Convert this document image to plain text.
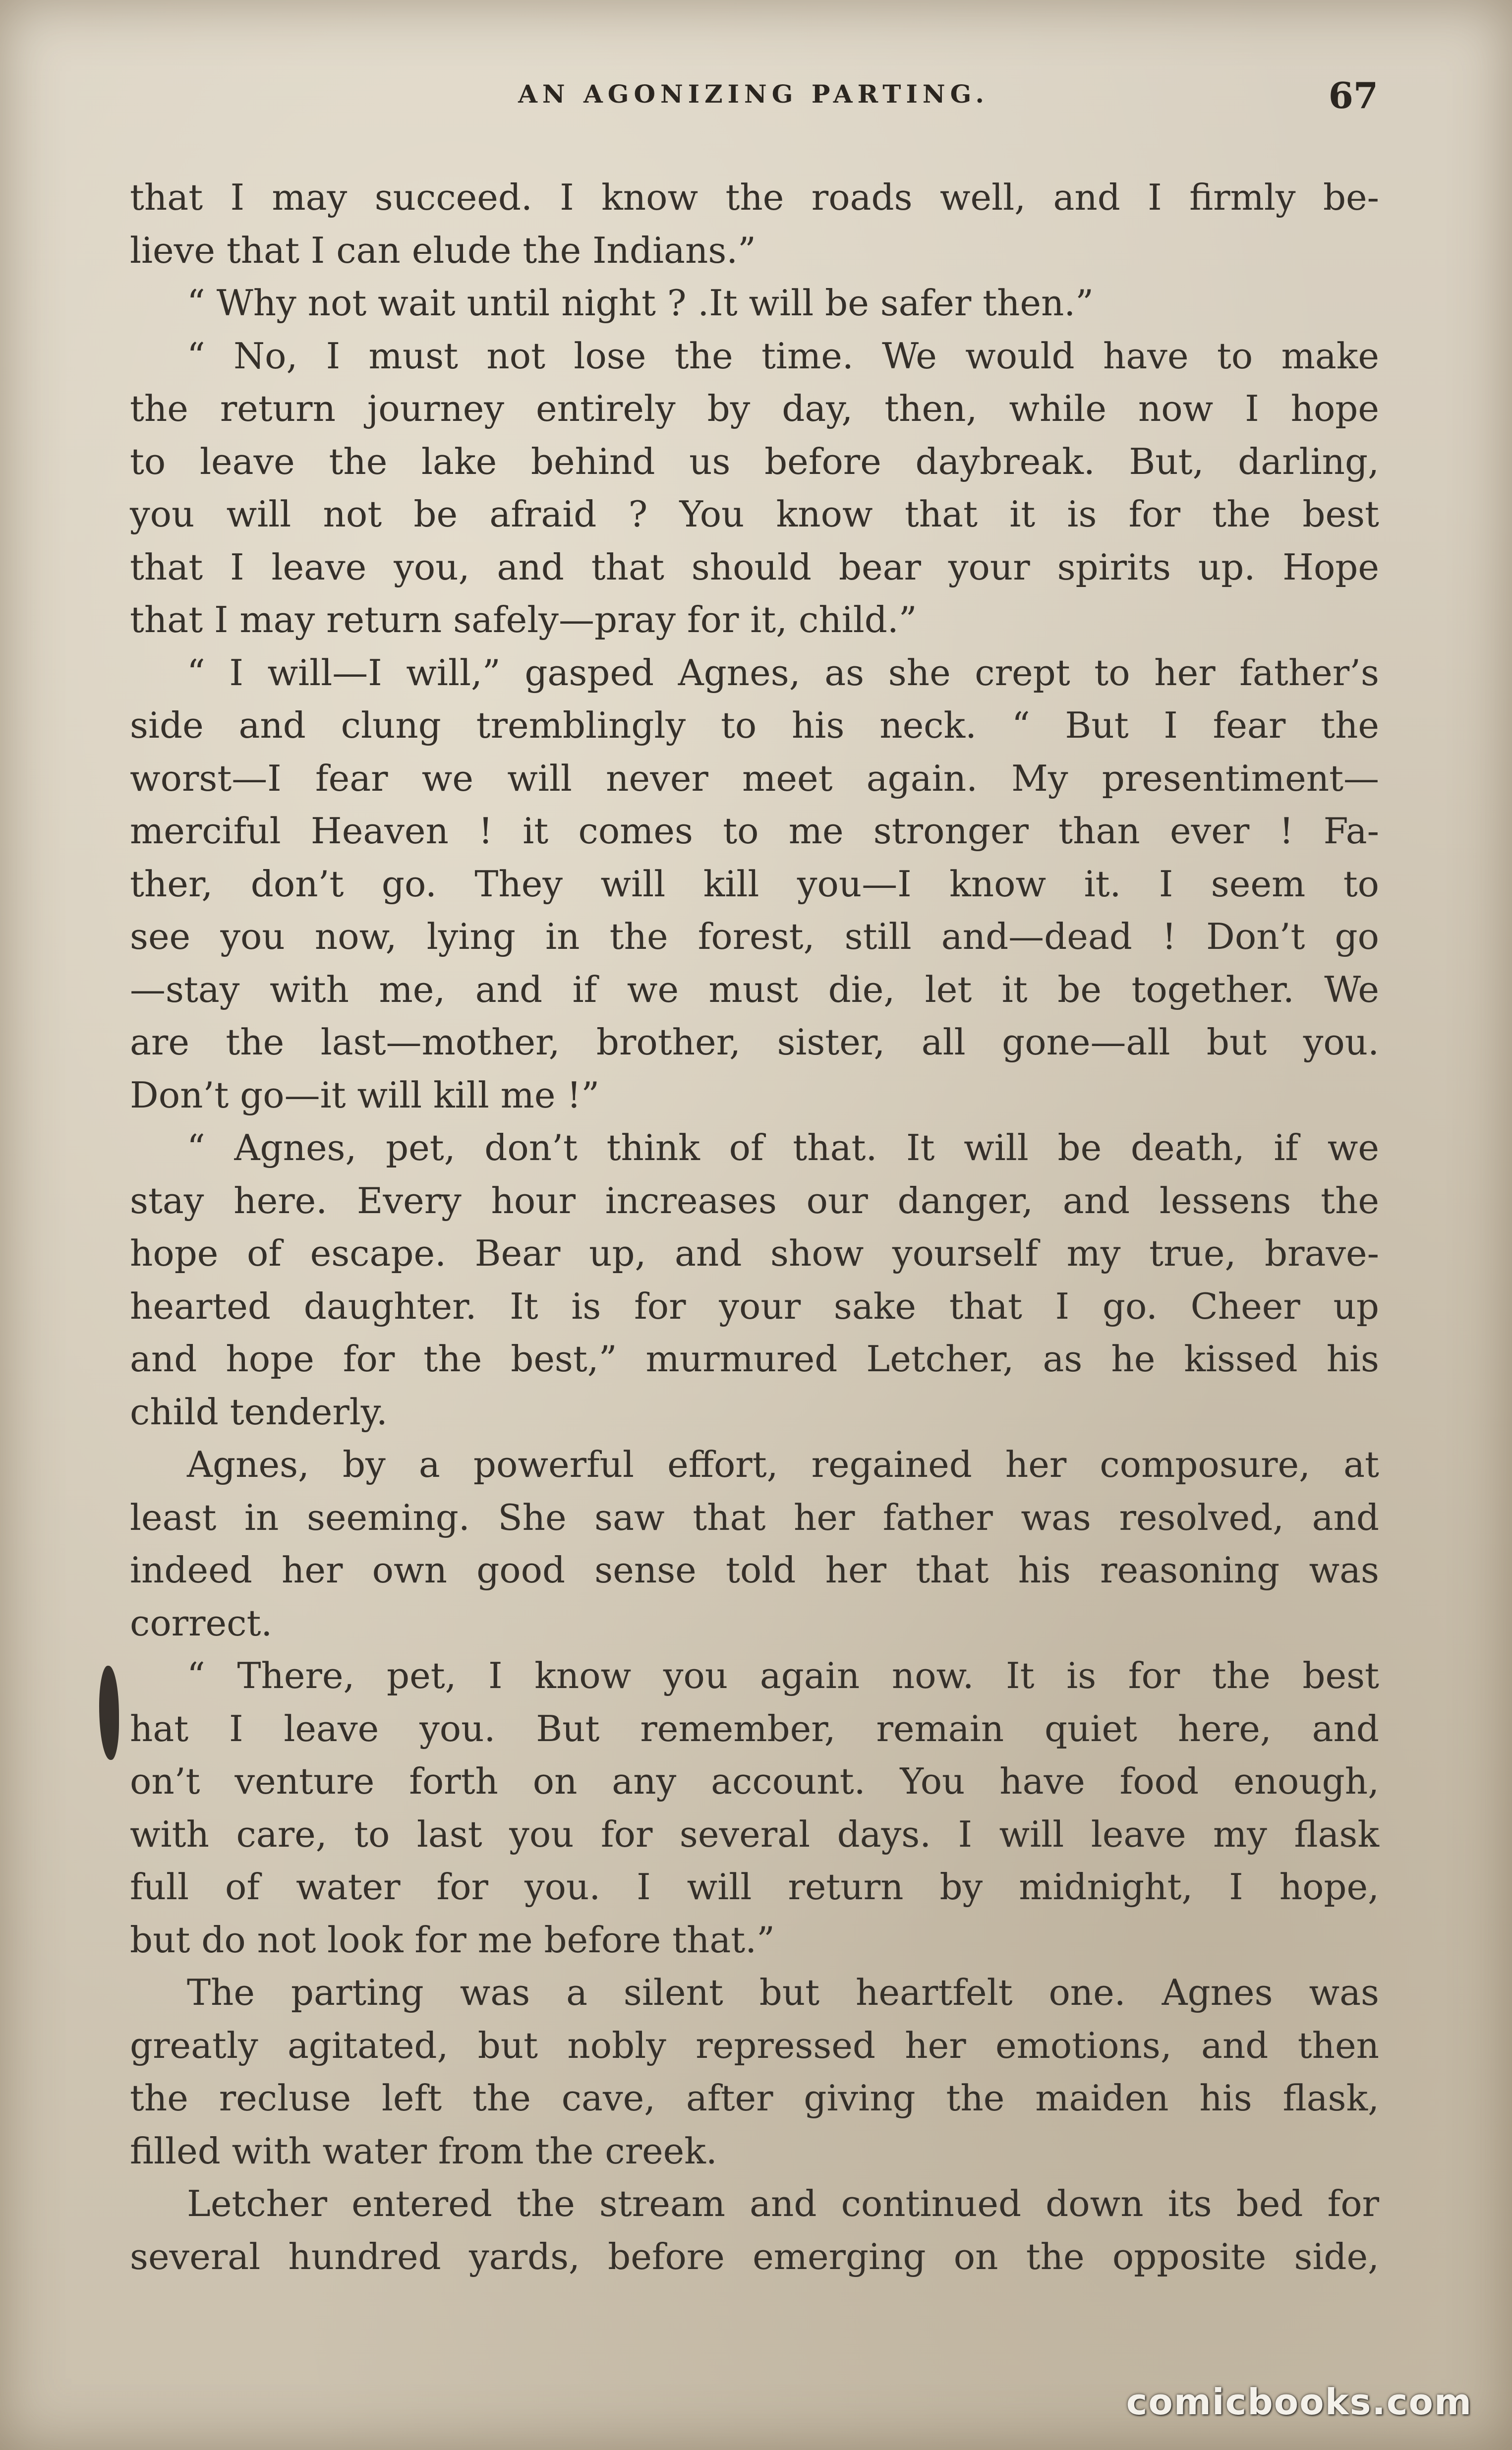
AN AGONIZING PARTING.	67
that I may succeed. I know the roads well, and I firmly be-
lieve that I can elude the Indians.”
“ Why not wait until night ? .It will be safer then.”
“ No, I must not lose the time. We would have to make
the return journey entirely by day, then, while now I hope
to leave the lake behind us before daybreak. But, darling,
you will not be afraid ? You know that it is for the best
that I leave you, and that should bear your spirits up. Hope
that I may return safely—pray for it, child.”
“ I will—I will,” gasped Agnes, as she crept to her father’s
side and clung tremblingly to his neck. “ But I fear the
worst—I fear we will never meet again. My presentiment—
merciful Heaven ! it comes to me stronger than ever ! Fa-
ther, don’t go. They will kill you—I know it. I seem to
see you now, lying in the forest, still and—dead ! Don’t go
—stay with me, and if we must die, let it be together. We
are the last—mother, brother, sister, all gone—all but you.
Don’t go—it will kill me !”
“ Agnes, pet, don’t think of that. It will be death, if we
stay here. Every hour increases our danger, and lessens the
hope of escape. Bear up, and show yourself my true, brave-
hearted daughter. It is for your sake that I go. Cheer up
and hope for the best,” murmured Letcher, as he kissed his
child tenderly.
Agnes, by a powerful effort, regained her composure, at
least in seeming. She saw that her father was resolved, and
indeed her own good sense told her that his reasoning was
correct.
“ There, pet, I know you again now. It is for the best
hat I leave you. But remember, remain quiet here, and
on’t venture forth on any account. You have food enough,
with care, to last you for several days. I will leave my flask
full of water for you. I will return by midnight, I hope,
but do not look for me before that.”
The parting was a silent but heartfelt one. Agnes was
greatly agitated, but nobly repressed her emotions, and then
the recluse left the cave, after giving the maiden his flask,
filled with water from the creek.
Letcher entered the stream and continued down its bed for
several hundred yards, before emerging on the opposite side,
comicbooks.com
